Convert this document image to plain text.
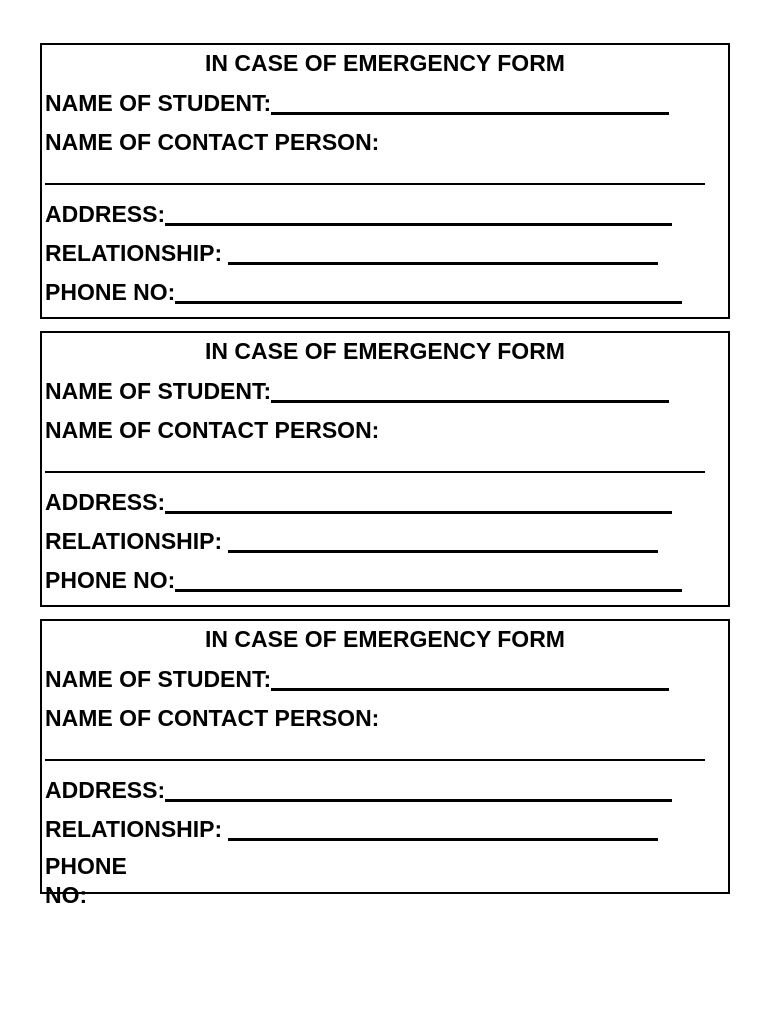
IN CASE OF EMERGENCY FORM
NAME OF STUDENT:
NAME OF CONTACT PERSON:
ADDRESS:
RELATIONSHIP:
PHONE NO:
IN CASE OF EMERGENCY FORM
NAME OF STUDENT:
NAME OF CONTACT PERSON:
ADDRESS:
RELATIONSHIP:
PHONE NO:
IN CASE OF EMERGENCY FORM
NAME OF STUDENT:
NAME OF CONTACT PERSON:
ADDRESS:
RELATIONSHIP:
PHONE
NO:
